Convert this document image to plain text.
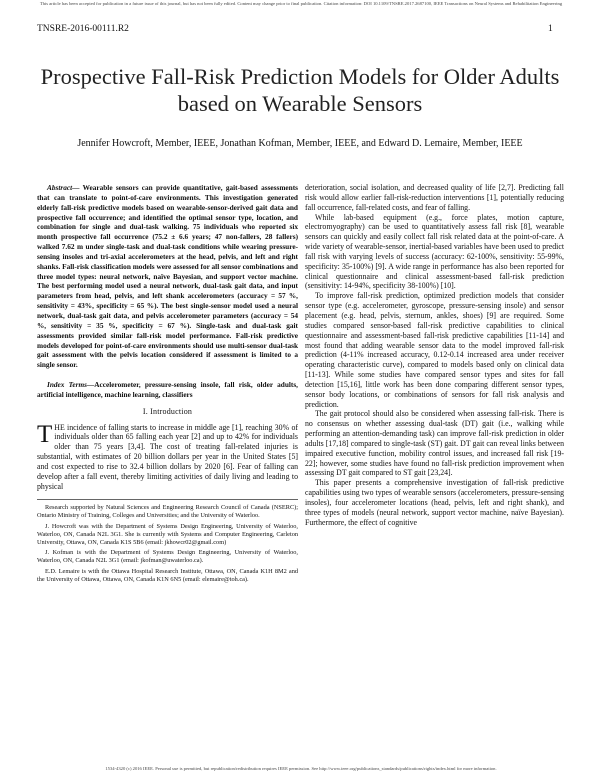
This article has been accepted for publication in a future issue of this journal, but has not been fully edited. Content may change prior to final publication. Citation information: DOI 10.1109/TNSRE.2017.2687100, IEEE Transactions on Neural Systems and Rehabilitation Engineering
TNSRE-2016-00111.R2	1
Prospective Fall-Risk Prediction Models for Older Adults based on Wearable Sensors
Jennifer Howcroft, Member, IEEE, Jonathan Kofman, Member, IEEE, and Edward D. Lemaire, Member, IEEE

Abstract— Wearable sensors can provide quantitative, gait-based assessments that can translate to point-of-care environments. This investigation generated elderly fall-risk predictive models based on wearable-sensor-derived gait data and prospective fall occurrence; and identified the optimal sensor type, location, and combination for single and dual-task walking. 75 individuals who reported six month prospective fall occurrence (75.2 ± 6.6 years; 47 non-fallers, 28 fallers) walked 7.62 m under single-task and dual-task conditions while wearing pressure-sensing insoles and tri-axial accelerometers at the head, pelvis, and left and right shanks. Fall-risk classification models were assessed for all sensor combinations and three model types: neural network, naïve Bayesian, and support vector machine. The best performing model used a neural network, dual-task gait data, and input parameters from head, pelvis, and left shank accelerometers (accuracy = 57 %, sensitivity = 43%, specificity = 65 %). The best single-sensor model used a neural network, dual-task gait data, and pelvis accelerometer parameters (accuracy = 54 %, sensitivity = 35 %, specificity = 67 %). Single-task and dual-task gait assessments provided similar fall-risk model performance. Fall-risk predictive models developed for point-of-care environments should use multi-sensor dual-task gait assessment with the pelvis location considered if assessment is limited to a single sensor.

Index Terms—Accelerometer, pressure-sensing insole, fall risk, older adults, artificial intelligence, machine learning, classifiers

I. Introduction

THE incidence of falling starts to increase in middle age [1], reaching 30% of individuals older than 65 falling each year [2] and up to 42% for individuals older than 75 years [3,4]. The cost of treating fall-related injuries is substantial, with estimates of 20 billion dollars per year in the United States [5] and cost expected to rise to 32.4 billion dollars by 2020 [6]. Fear of falling can develop after a fall event, thereby limiting activities of daily living and leading to physical

Research supported by Natural Sciences and Engineering Research Council of Canada (NSERC); Ontario Ministry of Training, Colleges and Universities; and the University of Waterloo.

J. Howcroft was with the Department of Systems Design Engineering, University of Waterloo, Waterloo, ON, Canada N2L 3G1. She is currently with Systems and Computer Engineering, Carleton University, Ottawa, ON, Canada K1S 5B6 (email: jkhowcr02@gmail.com)

J. Kofman is with the Department of Systems Design Engineering, University of Waterloo, Waterloo, ON, Canada N2L 3G1 (email: jkofman@uwaterloo.ca).

E.D. Lemaire is with the Ottawa Hospital Research Institute, Ottawa, ON, Canada K1H 8M2 and the University of Ottawa, Ottawa, ON, Canada K1N 6N5 (email: elemaire@toh.ca).

deterioration, social isolation, and decreased quality of life [2,7]. Predicting fall risk would allow earlier fall-risk-reduction interventions [1], potentially reducing fall occurrence, fall-related costs, and fear of falling.

While lab-based equipment (e.g., force plates, motion capture, electromyography) can be used to quantitatively assess fall risk [8], wearable sensors can quickly and easily collect fall risk related data at the point-of-care. A wide variety of wearable-sensor, inertial-based variables have been used to predict fall risk with varying levels of success (accuracy: 62-100%, sensitivity: 55-99%, specificity: 35-100%) [9]. A wide range in performance has also been reported for clinical questionnaire and clinical assessment-based fall-risk prediction (sensitivity: 14-94%, specificity 38-100%) [10].

To improve fall-risk prediction, optimized prediction models that consider sensor type (e.g. accelerometer, gyroscope, pressure-sensing insole) and sensor placement (e.g. head, pelvis, sternum, ankles, shoes) [9] are required. Some studies compared sensor-based fall-risk predictive capabilities to clinical questionnaire and assessment-based fall-risk predictive capabilities [11-14] and most found that adding wearable sensor data to the model improved fall-risk prediction (4-11% increased accuracy, 0.12-0.14 increased area under receiver operating characteristic curve), compared to models based only on clinical data [11-13]. While some studies have compared sensor types and sites for fall detection [15,16], little work has been done comparing different sensor types, sensor body locations, or combinations of sensors for fall risk analysis and prediction.

The gait protocol should also be considered when assessing fall-risk. There is no consensus on whether assessing dual-task (DT) gait (i.e., walking while performing an attention-demanding task) can improve fall-risk prediction in older adults [17,18] compared to single-task (ST) gait. DT gait can reveal links between impaired executive function, mobility control issues, and increased fall risk [19-22]; however, some studies have found no fall-risk prediction improvement when assessing DT gait compared to ST gait [23,24].

This paper presents a comprehensive investigation of fall-risk predictive capabilities using two types of wearable sensors (accelerometers, pressure-sensing insoles), four accelerometer locations (head, pelvis, left and right shank), and three types of models (neural network, support vector machine, naïve Bayesian). Furthermore, the effect of cognitive

1534-4320 (c) 2016 IEEE. Personal use is permitted, but republication/redistribution requires IEEE permission. See http://www.ieee.org/publications_standards/publications/rights/index.html for more information.
